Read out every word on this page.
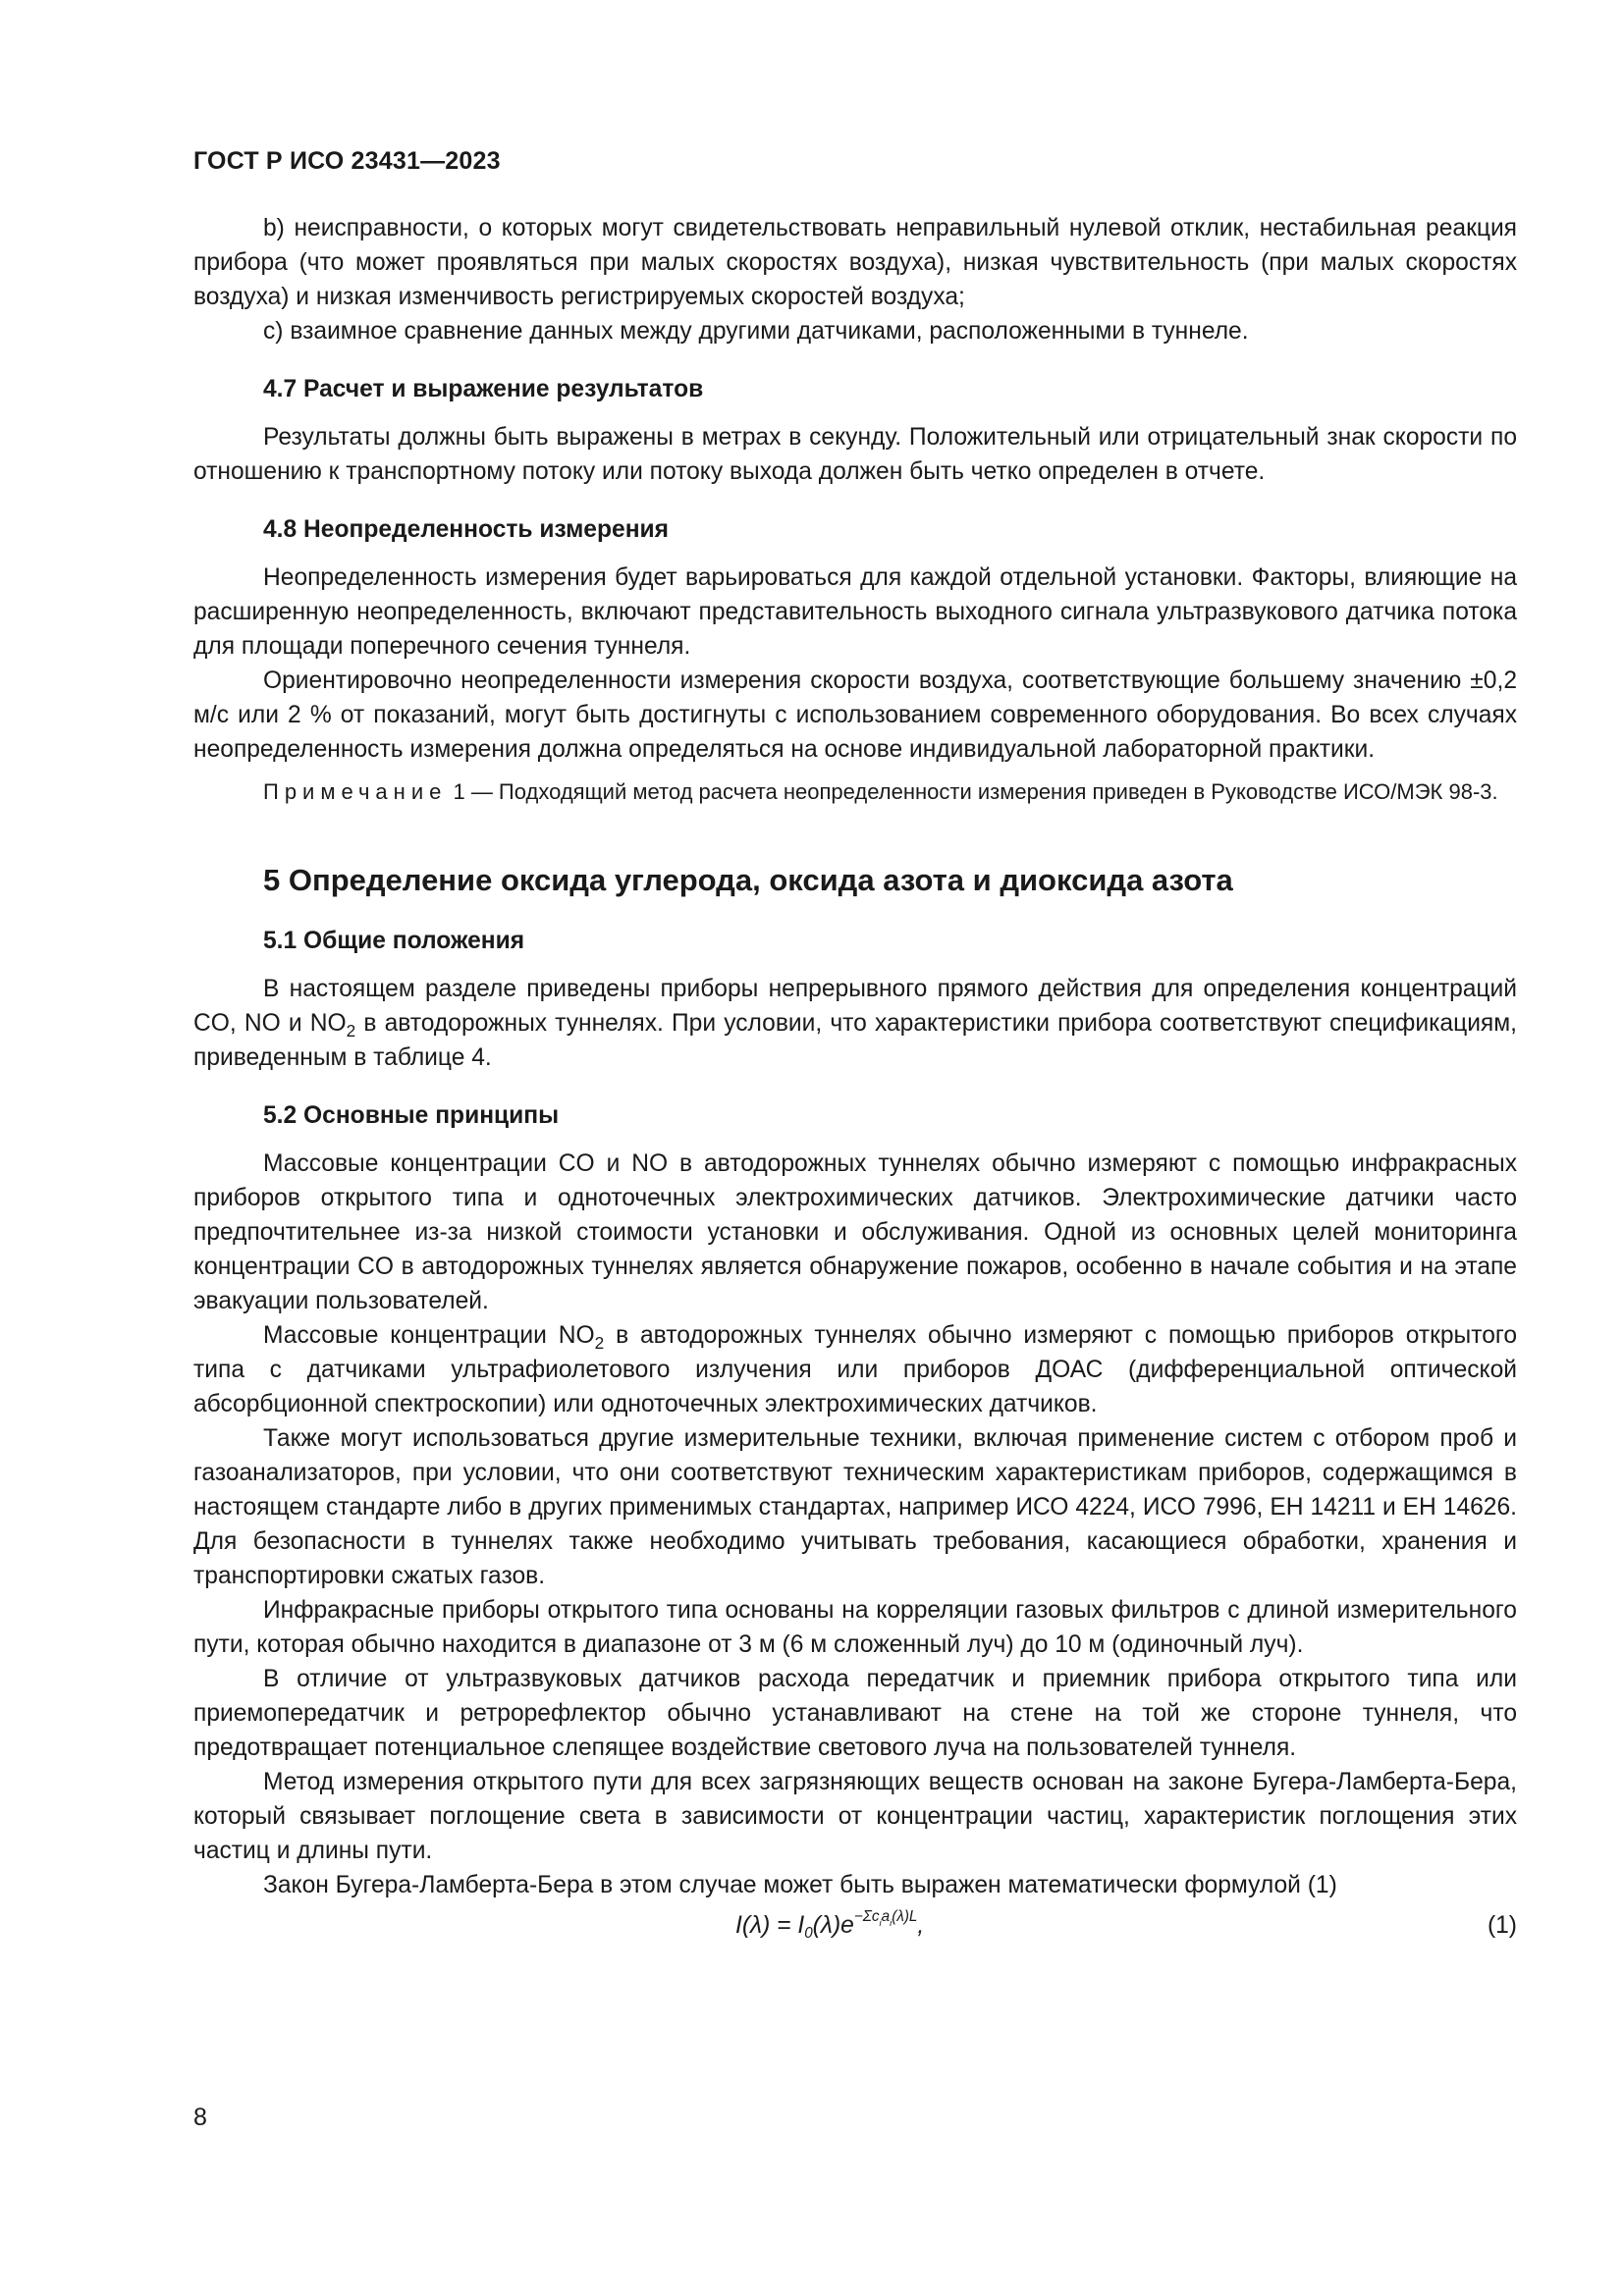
ГОСТ Р ИСО 23431—2023

b) неисправности, о которых могут свидетельствовать неправильный нулевой отклик, нестабильная реакция прибора (что может проявляться при малых скоростях воздуха), низкая чувствительность (при малых скоростях воздуха) и низкая изменчивость регистрируемых скоростей воздуха;

c) взаимное сравнение данных между другими датчиками, расположенными в туннеле.

4.7 Расчет и выражение результатов

Результаты должны быть выражены в метрах в секунду. Положительный или отрицательный знак скорости по отношению к транспортному потоку или потоку выхода должен быть четко определен в отчете.

4.8 Неопределенность измерения

Неопределенность измерения будет варьироваться для каждой отдельной установки. Факторы, влияющие на расширенную неопределенность, включают представительность выходного сигнала ультразвукового датчика потока для площади поперечного сечения туннеля.

Ориентировочно неопределенности измерения скорости воздуха, соответствующие большему значению ±0,2 м/с или 2 % от показаний, могут быть достигнуты с использованием современного оборудования. Во всех случаях неопределенность измерения должна определяться на основе индивидуальной лабораторной практики.

Примечание 1 — Подходящий метод расчета неопределенности измерения приведен в Руководстве ИСО/МЭК 98-3.

5 Определение оксида углерода, оксида азота и диоксида азота
5.1 Общие положения

В настоящем разделе приведены приборы непрерывного прямого действия для определения концентраций CO, NO и $NO_2$ в автодорожных туннелях. При условии, что характеристики прибора соответствуют спецификациям, приведенным в таблице 4.

5.2 Основные принципы

Массовые концентрации CO и NO в автодорожных туннелях обычно измеряют с помощью инфракрасных приборов открытого типа и одноточечных электрохимических датчиков. Электрохимические датчики часто предпочтительнее из-за низкой стоимости установки и обслуживания. Одной из основных целей мониторинга концентрации CO в автодорожных туннелях является обнаружение пожаров, особенно в начале события и на этапе эвакуации пользователей.

Массовые концентрации $NO_2$ в автодорожных туннелях обычно измеряют с помощью приборов открытого типа с датчиками ультрафиолетового излучения или приборов ДОАС (дифференциальной оптической абсорбционной спектроскопии) или одноточечных электрохимических датчиков.

Также могут использоваться другие измерительные техники, включая применение систем с отбором проб и газоанализаторов, при условии, что они соответствуют техническим характеристикам приборов, содержащимся в настоящем стандарте либо в других применимых стандартах, например ИСО 4224, ИСО 7996, ЕН 14211 и ЕН 14626. Для безопасности в туннелях также необходимо учитывать требования, касающиеся обработки, хранения и транспортировки сжатых газов.

Инфракрасные приборы открытого типа основаны на корреляции газовых фильтров с длиной измерительного пути, которая обычно находится в диапазоне от 3 м (6 м сложенный луч) до 10 м (одиночный луч).

В отличие от ультразвуковых датчиков расхода передатчик и приемник прибора открытого типа или приемопередатчик и ретрорефлектор обычно устанавливают на стене на той же стороне туннеля, что предотвращает потенциальное слепящее воздействие светового луча на пользователей туннеля.

Метод измерения открытого пути для всех загрязняющих веществ основан на законе Бугера-Ламберта-Бера, который связывает поглощение света в зависимости от концентрации частиц, характеристик поглощения этих частиц и длины пути.

Закон Бугера-Ламберта-Бера в этом случае может быть выражен математически формулой (1)

$I(\lambda) = I_0(\lambda)e^{-\Sigma c_ia_i(\lambda)L}$,	(1)
8
